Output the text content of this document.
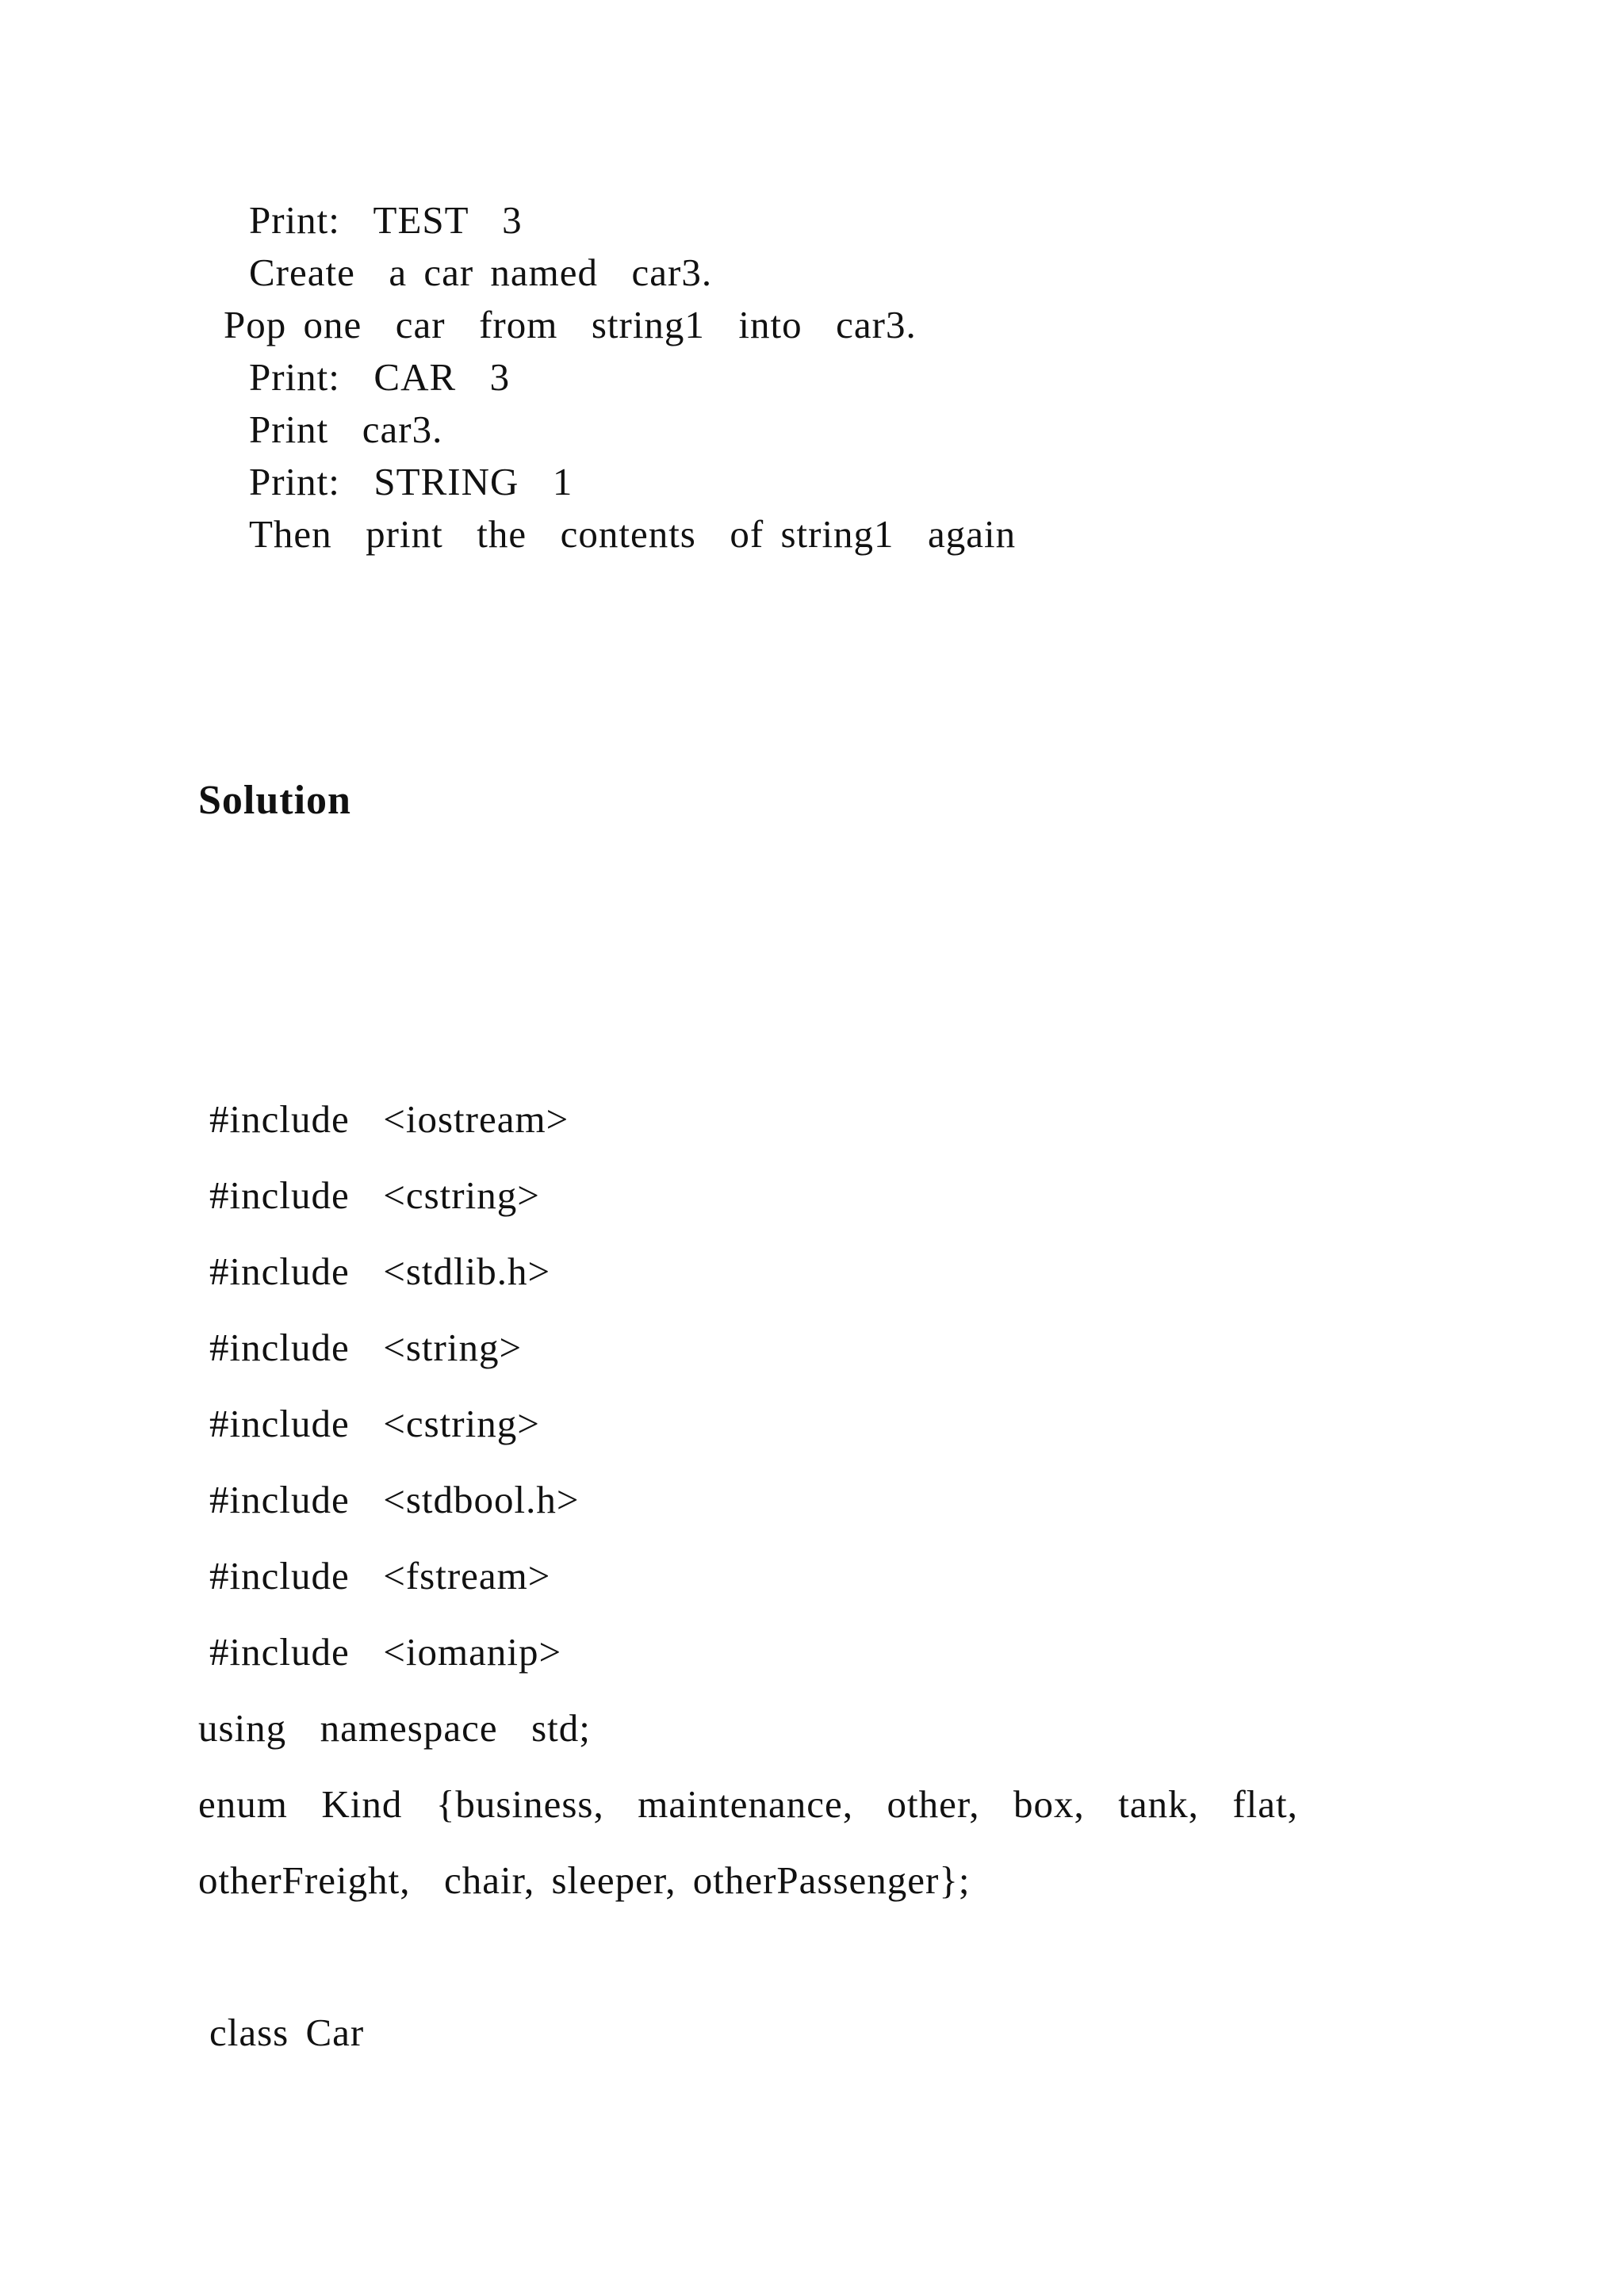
Print:  TEST  3
Create  a car named  car3.
Pop one  car  from  string1  into  car3.
Print:  CAR  3
Print  car3.
Print:  STRING  1
Then  print  the  contents  of string1  again
Solution
#include  <iostream>
#include  <cstring>
#include  <stdlib.h>
#include  <string>
#include  <cstring>
#include  <stdbool.h>
#include  <fstream>
#include  <iomanip>
using  namespace  std;
enum  Kind  {business,  maintenance,  other,  box,  tank,  flat,
otherFreight,  chair, sleeper, otherPassenger};
class Car
